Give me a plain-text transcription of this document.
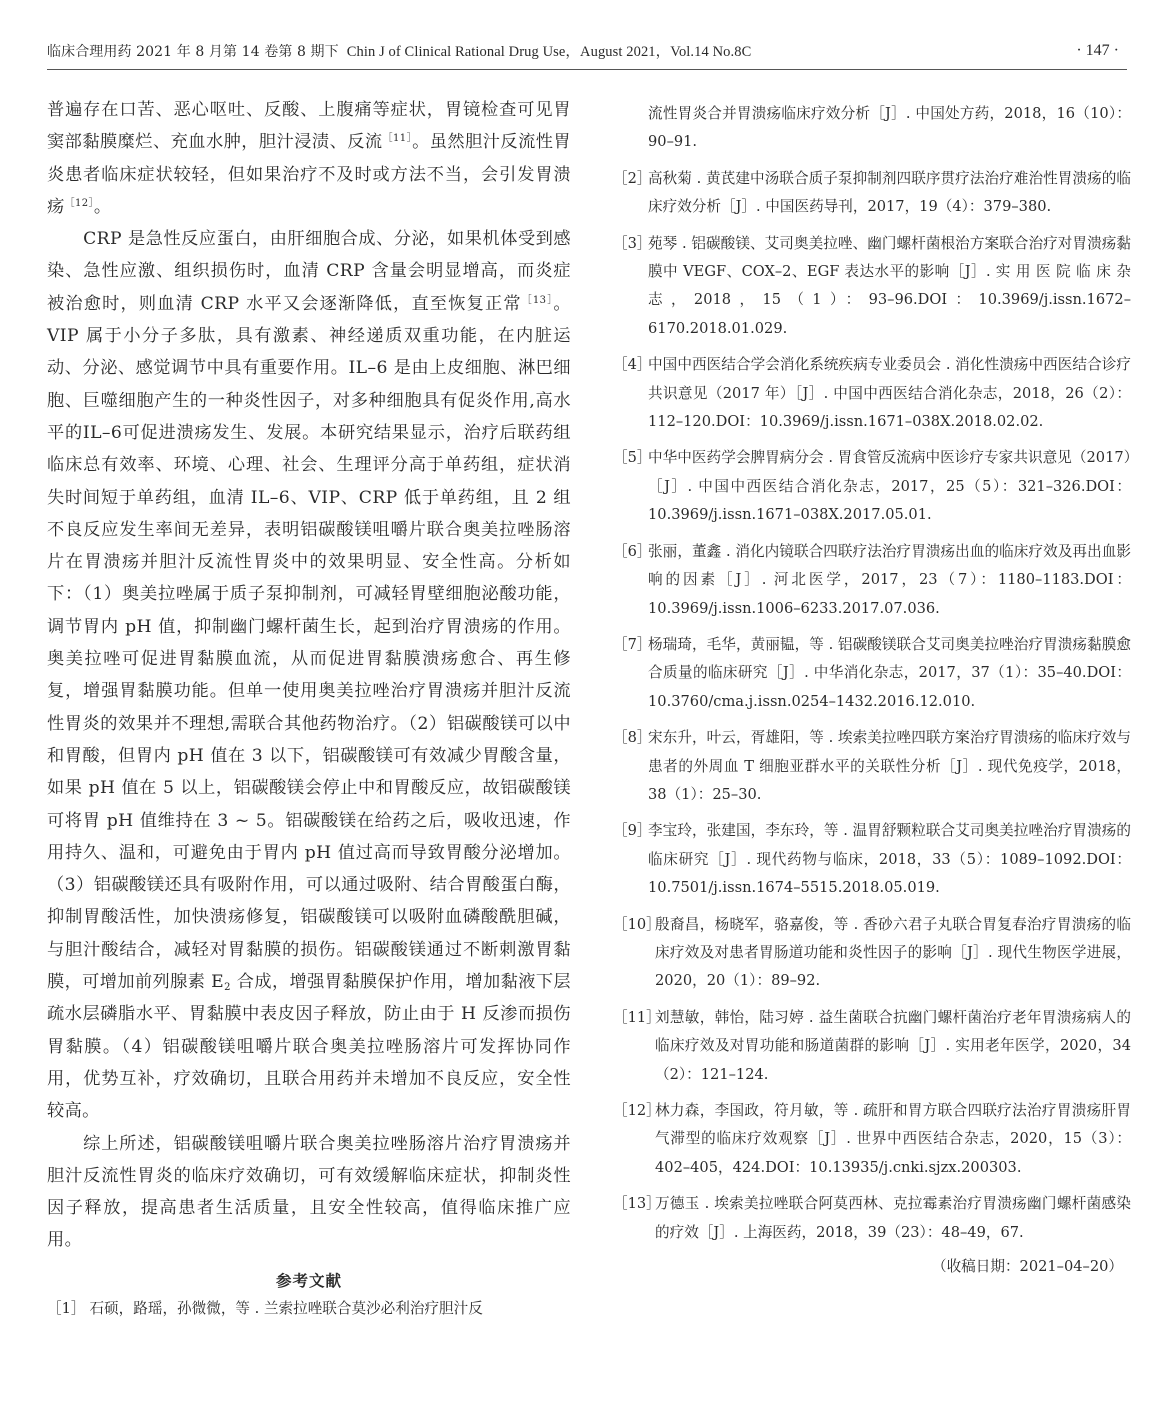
临床合理用药 2021 年 8 月第 14 卷第 8 期下 Chin J of Clinical Rational Drug Use，August 2021，Vol.14 No.8C	· 147 ·

普遍存在口苦、恶心呕吐、反酸、上腹痛等症状，胃镜检查可见胃窦部黏膜糜烂、充血水肿，胆汁浸渍、反流$^{[11]}$。虽然胆汁反流性胃炎患者临床症状较轻，但如果治疗不及时或方法不当，会引发胃溃疡$^{[12]}$。

CRP 是急性反应蛋白，由肝细胞合成、分泌，如果机体受到感染、急性应激、组织损伤时，血清 CRP 含量会明显增高，而炎症被治愈时，则血清 CRP 水平又会逐渐降低，直至恢复正常$^{[13]}$。VIP 属于小分子多肽，具有激素、神经递质双重功能，在内脏运动、分泌、感觉调节中具有重要作用。IL–6 是由上皮细胞、淋巴细胞、巨噬细胞产生的一种炎性因子，对多种细胞具有促炎作用,高水平的IL–6可促进溃疡发生、发展。本研究结果显示，治疗后联药组临床总有效率、环境、心理、社会、生理评分高于单药组，症状消失时间短于单药组，血清 IL–6、VIP、CRP 低于单药组，且 2 组不良反应发生率间无差异，表明铝碳酸镁咀嚼片联合奥美拉唑肠溶片在胃溃疡并胆汁反流性胃炎中的效果明显、安全性高。分析如下：（1）奥美拉唑属于质子泵抑制剂，可减轻胃壁细胞泌酸功能，调节胃内 pH 值，抑制幽门螺杆菌生长，起到治疗胃溃疡的作用。奥美拉唑可促进胃黏膜血流，从而促进胃黏膜溃疡愈合、再生修复，增强胃黏膜功能。但单一使用奥美拉唑治疗胃溃疡并胆汁反流性胃炎的效果并不理想,需联合其他药物治疗。（2）铝碳酸镁可以中和胃酸，但胃内 pH 值在 3 以下，铝碳酸镁可有效减少胃酸含量，如果 pH 值在 5 以上，铝碳酸镁会停止中和胃酸反应，故铝碳酸镁可将胃 pH 值维持在 3 ~ 5。铝碳酸镁在给药之后，吸收迅速，作用持久、温和，可避免由于胃内 pH 值过高而导致胃酸分泌增加。（3）铝碳酸镁还具有吸附作用，可以通过吸附、结合胃酸蛋白酶，抑制胃酸活性，加快溃疡修复，铝碳酸镁可以吸附血磷酸酰胆碱，与胆汁酸结合，减轻对胃黏膜的损伤。铝碳酸镁通过不断刺激胃黏膜，可增加前列腺素 $E_2$ 合成，增强胃黏膜保护作用，增加黏液下层疏水层磷脂水平、胃黏膜中表皮因子释放，防止由于 H 反渗而损伤胃黏膜。（4）铝碳酸镁咀嚼片联合奥美拉唑肠溶片可发挥协同作用，优势互补，疗效确切，且联合用药并未增加不良反应，安全性较高。

综上所述，铝碳酸镁咀嚼片联合奥美拉唑肠溶片治疗胃溃疡并胆汁反流性胃炎的临床疗效确切，可有效缓解临床症状，抑制炎性因子释放，提高患者生活质量，且安全性较高，值得临床推广应用。

参考文献
［1］ 石硕，路瑶，孙微微，等 . 兰索拉唑联合莫沙必利治疗胆汁反
流性胃炎合并胃溃疡临床疗效分析［J］. 中国处方药，2018，16（10）：90–91.
［2］
高秋菊 . 黄芪建中汤联合质子泵抑制剂四联序贯疗法治疗难治性胃溃疡的临床疗效分析［J］. 中国医药导刊，2017，19（4）：379–380.
［3］
苑琴 . 铝碳酸镁、艾司奥美拉唑、幽门螺杆菌根治方案联合治疗对胃溃疡黏膜中 VEGF、COX–2、EGF 表达水平的影响［J］. 实 用 医 院 临 床 杂 志，2018，15（1）：93–96.DOI：10.3969/j.issn.1672–6170.2018.01.029.
［4］
中国中西医结合学会消化系统疾病专业委员会 . 消化性溃疡中西医结合诊疗共识意见（2017 年）［J］. 中国中西医结合消化杂志，2018，26（2）：112–120.DOI：10.3969/j.issn.1671–038X.2018.02.02.
［5］
中华中医药学会脾胃病分会 . 胃食管反流病中医诊疗专家共识意见（2017）［J］. 中国中西医结合消化杂志，2017，25（5）：321–326.DOI：10.3969/j.issn.1671–038X.2017.05.01.
［6］
张丽，董鑫 . 消化内镜联合四联疗法治疗胃溃疡出血的临床疗效及再出血影响的因素［J］. 河北医学，2017，23（7）：1180–1183.DOI：10.3969/j.issn.1006–6233.2017.07.036.
［7］
杨瑞琦，毛华，黄丽韫，等 . 铝碳酸镁联合艾司奥美拉唑治疗胃溃疡黏膜愈合质量的临床研究［J］. 中华消化杂志，2017，37（1）：35–40.DOI：10.3760/cma.j.issn.0254–1432.2016.12.010.
［8］
宋东升，叶云，胥雄阳，等 . 埃索美拉唑四联方案治疗胃溃疡的临床疗效与患者的外周血 T 细胞亚群水平的关联性分析［J］. 现代免疫学，2018，38（1）：25–30.
［9］
李宝玲，张建国，李东玲，等 . 温胃舒颗粒联合艾司奥美拉唑治疗胃溃疡的临床研究［J］. 现代药物与临床，2018，33（5）：1089–1092.DOI：10.7501/j.issn.1674–5515.2018.05.019.
［10］
殷裔昌，杨晓军，骆嘉俊，等 . 香砂六君子丸联合胃复春治疗胃溃疡的临床疗效及对患者胃肠道功能和炎性因子的影响［J］. 现代生物医学进展，2020，20（1）：89–92.
［11］
刘慧敏，韩怡，陆习婷 . 益生菌联合抗幽门螺杆菌治疗老年胃溃疡病人的临床疗效及对胃功能和肠道菌群的影响［J］. 实用老年医学，2020，34（2）：121–124.
［12］
林力森，李国政，符月敏，等 . 疏肝和胃方联合四联疗法治疗胃溃疡肝胃气滞型的临床疗效观察［J］. 世界中西医结合杂志，2020，15（3）：402–405，424.DOI：10.13935/j.cnki.sjzx.200303.
［13］
万德玉 . 埃索美拉唑联合阿莫西林、克拉霉素治疗胃溃疡幽门螺杆菌感染的疗效［J］. 上海医药，2018，39（23）：48–49，67.
（收稿日期：2021–04–20）
